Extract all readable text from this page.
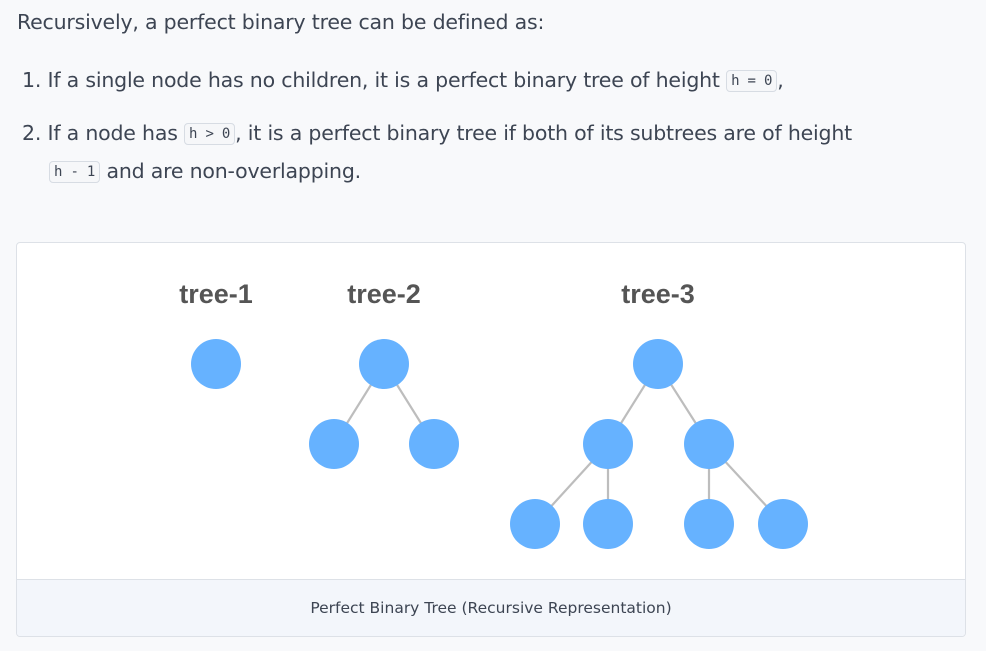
Recursively, a perfect binary tree can be defined as:
1. If a single node has no children, it is a perfect binary tree of height h = 0 ,
2. If a node has h > 0 , it is a perfect binary tree if both of its subtrees are of height
h - 1 and are non-overlapping.
tree-1	tree-2	tree-3
Perfect Binary Tree (Recursive Representation)
